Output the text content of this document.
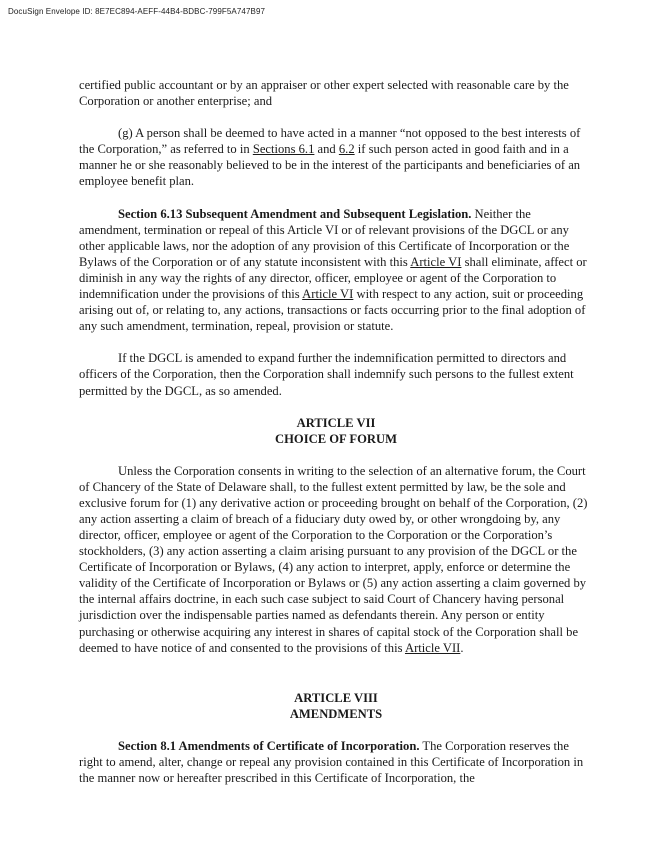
DocuSign Envelope ID: 8E7EC894-AEFF-44B4-BDBC-799F5A747B97

certified public accountant or by an appraiser or other expert selected with reasonable care by the Corporation or another enterprise; and

(g) A person shall be deemed to have acted in a manner “not opposed to the best interests of the Corporation,” as referred to in Sections 6.1 and 6.2 if such person acted in good faith and in a manner he or she reasonably believed to be in the interest of the participants and beneficiaries of an employee benefit plan.

Section 6.13 Subsequent Amendment and Subsequent Legislation. Neither the amendment, termination or repeal of this Article VI or of relevant provisions of the DGCL or any other applicable laws, nor the adoption of any provision of this Certificate of Incorporation or the Bylaws of the Corporation or of any statute inconsistent with this Article VI shall eliminate, affect or diminish in any way the rights of any director, officer, employee or agent of the Corporation to indemnification under the provisions of this Article VI with respect to any action, suit or proceeding arising out of, or relating to, any actions, transactions or facts occurring prior to the final adoption of any such amendment, termination, repeal, provision or statute.

If the DGCL is amended to expand further the indemnification permitted to directors and officers of the Corporation, then the Corporation shall indemnify such persons to the fullest extent permitted by the DGCL, as so amended.

ARTICLE VII
CHOICE OF FORUM

Unless the Corporation consents in writing to the selection of an alternative forum, the Court of Chancery of the State of Delaware shall, to the fullest extent permitted by law, be the sole and exclusive forum for (1) any derivative action or proceeding brought on behalf of the Corporation, (2) any action asserting a claim of breach of a fiduciary duty owed by, or other wrongdoing by, any director, officer, employee or agent of the Corporation to the Corporation or the Corporation’s stockholders, (3) any action asserting a claim arising pursuant to any provision of the DGCL or the Certificate of Incorporation or Bylaws, (4) any action to interpret, apply, enforce or determine the validity of the Certificate of Incorporation or Bylaws or (5) any action asserting a claim governed by the internal affairs doctrine, in each such case subject to said Court of Chancery having personal jurisdiction over the indispensable parties named as defendants therein. Any person or entity purchasing or otherwise acquiring any interest in shares of capital stock of the Corporation shall be deemed to have notice of and consented to the provisions of this Article VII.

ARTICLE VIII
AMENDMENTS

Section 8.1 Amendments of Certificate of Incorporation. The Corporation reserves the right to amend, alter, change or repeal any provision contained in this Certificate of Incorporation in the manner now or hereafter prescribed in this Certificate of Incorporation, the
